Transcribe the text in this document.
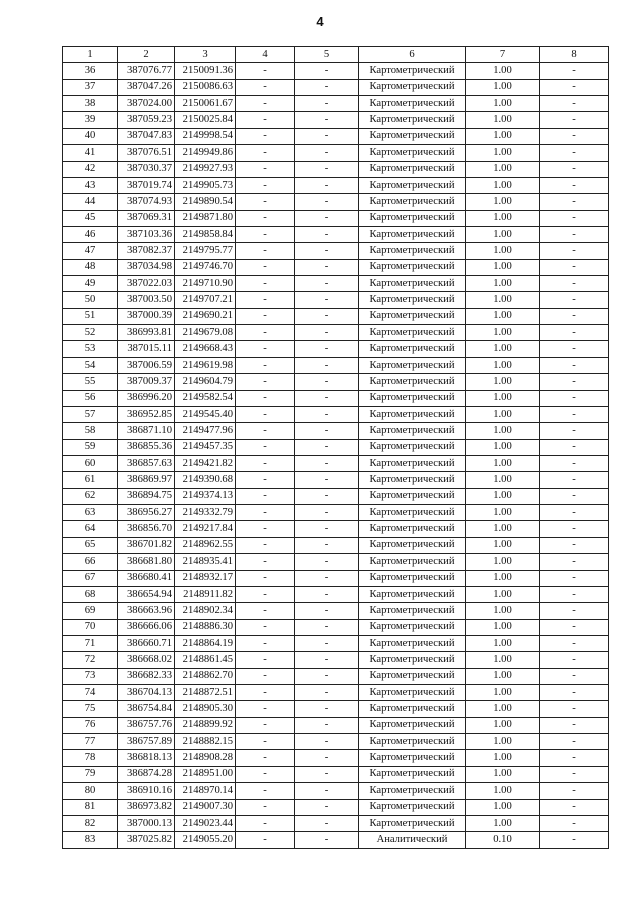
4
1	2	3	4	5	6	7	8
36	387076.77	2150091.36	-	-	Картометрический	1.00	-
37	387047.26	2150086.63	-	-	Картометрический	1.00	-
38	387024.00	2150061.67	-	-	Картометрический	1.00	-
39	387059.23	2150025.84	-	-	Картометрический	1.00	-
40	387047.83	2149998.54	-	-	Картометрический	1.00	-
41	387076.51	2149949.86	-	-	Картометрический	1.00	-
42	387030.37	2149927.93	-	-	Картометрический	1.00	-
43	387019.74	2149905.73	-	-	Картометрический	1.00	-
44	387074.93	2149890.54	-	-	Картометрический	1.00	-
45	387069.31	2149871.80	-	-	Картометрический	1.00	-
46	387103.36	2149858.84	-	-	Картометрический	1.00	-
47	387082.37	2149795.77	-	-	Картометрический	1.00	-
48	387034.98	2149746.70	-	-	Картометрический	1.00	-
49	387022.03	2149710.90	-	-	Картометрический	1.00	-
50	387003.50	2149707.21	-	-	Картометрический	1.00	-
51	387000.39	2149690.21	-	-	Картометрический	1.00	-
52	386993.81	2149679.08	-	-	Картометрический	1.00	-
53	387015.11	2149668.43	-	-	Картометрический	1.00	-
54	387006.59	2149619.98	-	-	Картометрический	1.00	-
55	387009.37	2149604.79	-	-	Картометрический	1.00	-
56	386996.20	2149582.54	-	-	Картометрический	1.00	-
57	386952.85	2149545.40	-	-	Картометрический	1.00	-
58	386871.10	2149477.96	-	-	Картометрический	1.00	-
59	386855.36	2149457.35	-	-	Картометрический	1.00	-
60	386857.63	2149421.82	-	-	Картометрический	1.00	-
61	386869.97	2149390.68	-	-	Картометрический	1.00	-
62	386894.75	2149374.13	-	-	Картометрический	1.00	-
63	386956.27	2149332.79	-	-	Картометрический	1.00	-
64	386856.70	2149217.84	-	-	Картометрический	1.00	-
65	386701.82	2148962.55	-	-	Картометрический	1.00	-
66	386681.80	2148935.41	-	-	Картометрический	1.00	-
67	386680.41	2148932.17	-	-	Картометрический	1.00	-
68	386654.94	2148911.82	-	-	Картометрический	1.00	-
69	386663.96	2148902.34	-	-	Картометрический	1.00	-
70	386666.06	2148886.30	-	-	Картометрический	1.00	-
71	386660.71	2148864.19	-	-	Картометрический	1.00	-
72	386668.02	2148861.45	-	-	Картометрический	1.00	-
73	386682.33	2148862.70	-	-	Картометрический	1.00	-
74	386704.13	2148872.51	-	-	Картометрический	1.00	-
75	386754.84	2148905.30	-	-	Картометрический	1.00	-
76	386757.76	2148899.92	-	-	Картометрический	1.00	-
77	386757.89	2148882.15	-	-	Картометрический	1.00	-
78	386818.13	2148908.28	-	-	Картометрический	1.00	-
79	386874.28	2148951.00	-	-	Картометрический	1.00	-
80	386910.16	2148970.14	-	-	Картометрический	1.00	-
81	386973.82	2149007.30	-	-	Картометрический	1.00	-
82	387000.13	2149023.44	-	-	Картометрический	1.00	-
83	387025.82	2149055.20	-	-	Аналитический	0.10	-
